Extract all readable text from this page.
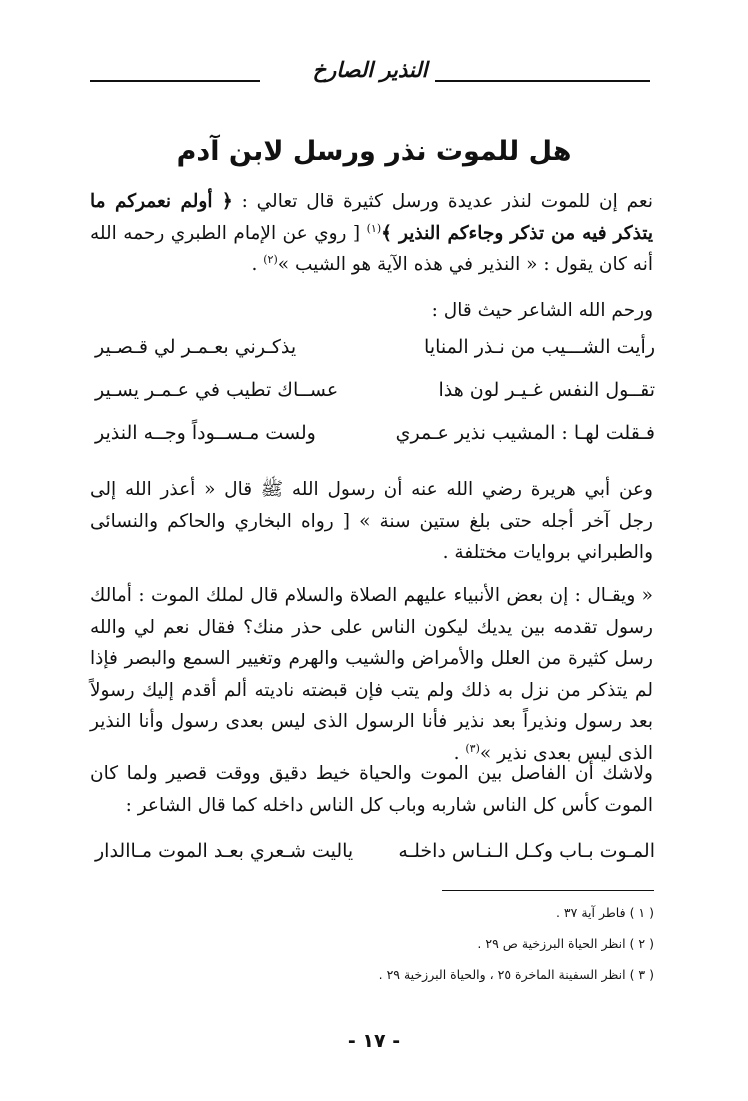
النذير الصارخ
هل للموت نذر ورسل لابن آدم
نعم إن للموت لنذر عديدة ورسل كثيرة قال تعالي : ﴿ أولم نعمركم ما يتذكر فيه من تذكر وجاءكم النذير ﴾$^{(١)}$ [ روي عن الإمام الطبري رحمه الله أنه كان يقول : « النذير في هذه الآية هو الشيب »$^{(٢)}$ .
ورحم الله الشاعر حيث قال :
رأيت الشـــيب من نـذر المنايا
يذكـرني بعـمـر لي قـصـير
تقــول النفس غـيـر لون هذا
عســاك تطيب في عـمـر يسـير
فـقلت لهـا : المشيب نذير عـمري
ولست مـســوداً وجــه النذير
وعن أبي هريرة رضي الله عنه أن رسول الله ﷺ قال « أعذر الله إلى رجل آخر أجله حتى بلغ ستين سنة » [ رواه البخاري والحاكم والنسائى والطبراني بروايات مختلفة .
« ويقـال : إن بعض الأنبياء عليهم الصلاة والسلام قال لملك الموت : أمالك رسول تقدمه بين يديك ليكون الناس على حذر منك؟ فقال نعم لي والله رسل كثيرة من العلل والأمراض والشيب والهرم وتغيير السمع والبصر فإذا لم يتذكر من نزل به ذلك ولم يتب فإن قبضته ناديته ألم أقدم إليك رسولاً بعد رسول ونذيراً بعد نذير فأنا الرسول الذى ليس بعدى رسول وأنا النذير الذى ليس بعدى نذير »$^{(٣)}$ .
ولاشك أن الفاصل بين الموت والحياة خيط دقيق ووقت قصير ولما كان الموت كأس كل الناس شاربه وباب كل الناس داخله كما قال الشاعر :
المـوت بـاب وكـل الـنـاس داخلـه
ياليت شـعري بعـد الموت مـاالدار
( ١ ) فاطر آية ٣٧ .
( ٢ ) انظر الحياة البرزخية ص ٢٩ .
( ٣ ) انظر السفينة الماخرة ٢٥ ، والحياة البرزخية ٢٩ .
- ١٧ -
